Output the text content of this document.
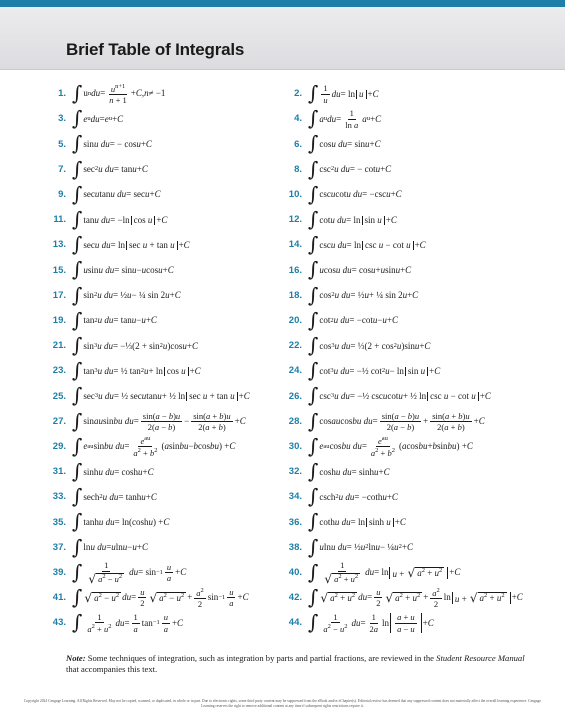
Brief Table of Integrals
1. ∫ u n du = $\frac{u^{n+1}}{n + 1} + C$ , n ≠ −1	2. ∫ $\frac{1}{u}$ du = ln u + C
3. ∫ e u du = e u + C	4. ∫ a u du = $\frac{1}{\text{ln a}}$ a u + C
5. ∫ sin u du = − cos u + C	6. ∫ cos u du = sin u + C
7. ∫ sec 2 u du = tan u + C	8. ∫ csc 2 u du = − cot u + C
9. ∫ sec u tan u du = sec u + C	10. ∫ csc u cot u du = −csc u + C
11. ∫ tan u du = −ln cos u + C	12. ∫ cot u du = ln sin u + C
13. ∫ sec u du = ln sec u + tan u + C	14. ∫ csc u du = ln csc u − cot u + C
15. ∫ u sin u du = sin u − u cos u + C	16. ∫ u cos u du = cos u + u sin u + C
17. ∫ sin 2 u du = ½ u − ¼ sin 2 u + C	18. ∫ cos 2 u du = ½ u + ¼ sin 2 u + C
19. ∫ tan 2 u du = tan u − u + C	20. ∫ cot 2 u du = −cot u − u + C
21. ∫ sin 3 u du = −⅓(2 + sin 2 u )cos u + C	22. ∫ cos 3 u du = ⅓(2 + cos 2 u )sin u + C
23. ∫ tan 3 u du = ½ tan 2 u + ln cos u + C	24. ∫ cot 3 u du = −½ cot 2 u − ln sin u + C
25. ∫ sec 3 u du = ½ sec u tan u + ½ ln sec u + tan u + C	26. ∫ csc 3 u du = −½ csc u cot u + ½ ln csc u − cot u + C
27. ∫ sin au sin bu du = $\frac{\sin(a - b)u}{2(a - b)} - \frac{\sin(a + b)u}{2(a + b)} + C$	28. ∫ cos au cos bu du = $\frac{\sin(a - b)u}{2(a - b)} + \frac{\sin(a + b)u}{2(a + b)} + C$
29. ∫ e au sin bu du = $\frac{e^{au}}{a^2 + b^2}$ ( a sin bu − b cos bu ) + C	30. ∫ e au cos bu du = $\frac{e^{au}}{a^2 + b^2}$ ( a cos bu + b sin bu ) + C
31. ∫ sinh u du = cosh u + C	32. ∫ cosh u du = sinh u + C
33. ∫ sech 2 u du = tanh u + C	34. ∫ csch 2 u du = −coth u + C
35. ∫ tanh u du = ln(cosh u ) + C	36. ∫ coth u du = ln sinh u + C
37. ∫ ln u du = u ln u − u + C	38. ∫ u ln u du = ½ u 2 ln u − ¼ u 2 + C
39. ∫ $\frac{1}{√ a^2 - u^2}$ du = $\sin -1 \frac{u}{a} + C$	40. ∫ $\frac{1}{√ a^2 + u^2}$ du = ln u + √ $a^2 + u^2 + C$
41. ∫ √ $a^2 - u^2$ du = $\frac{u}{2}$ √ $a^2 - u^2 + \frac{a^2}{2}$ $\sin -1 \frac{u}{a} + C$	42. ∫ √ $a^2 + u^2$ du = $\frac{u}{2}$ √ $a^2 + u^2 + \frac{a^2}{2}$ ln u + √ $a^2 + u^2 + C$
43. ∫ $\frac{1}{a^2 + u^2}$ du = $\frac{1}{a}$ $\tan -1 \frac{u}{a} + C$	44. ∫ $\frac{1}{a^2 - u^2}$ du = $\frac{1}{2a}$ $\ln \frac{a + u}{a - u} + C$
Note: Some techniques of integration, such as integration by parts and partial fractions, are reviewed in the Student Resource Manual that accompanies this text.
Copyright 2024 Cengage Learning. All Rights Reserved. May not be copied, scanned, or duplicated, in whole or in part. Due to electronic rights, some third party content may be suppressed from the eBook and/or eChapter(s). Editorial review has deemed that any suppressed content does not materially affect the overall learning experience. Cengage Learning reserves the right to remove additional content at any time if subsequent rights restrictions require it.
